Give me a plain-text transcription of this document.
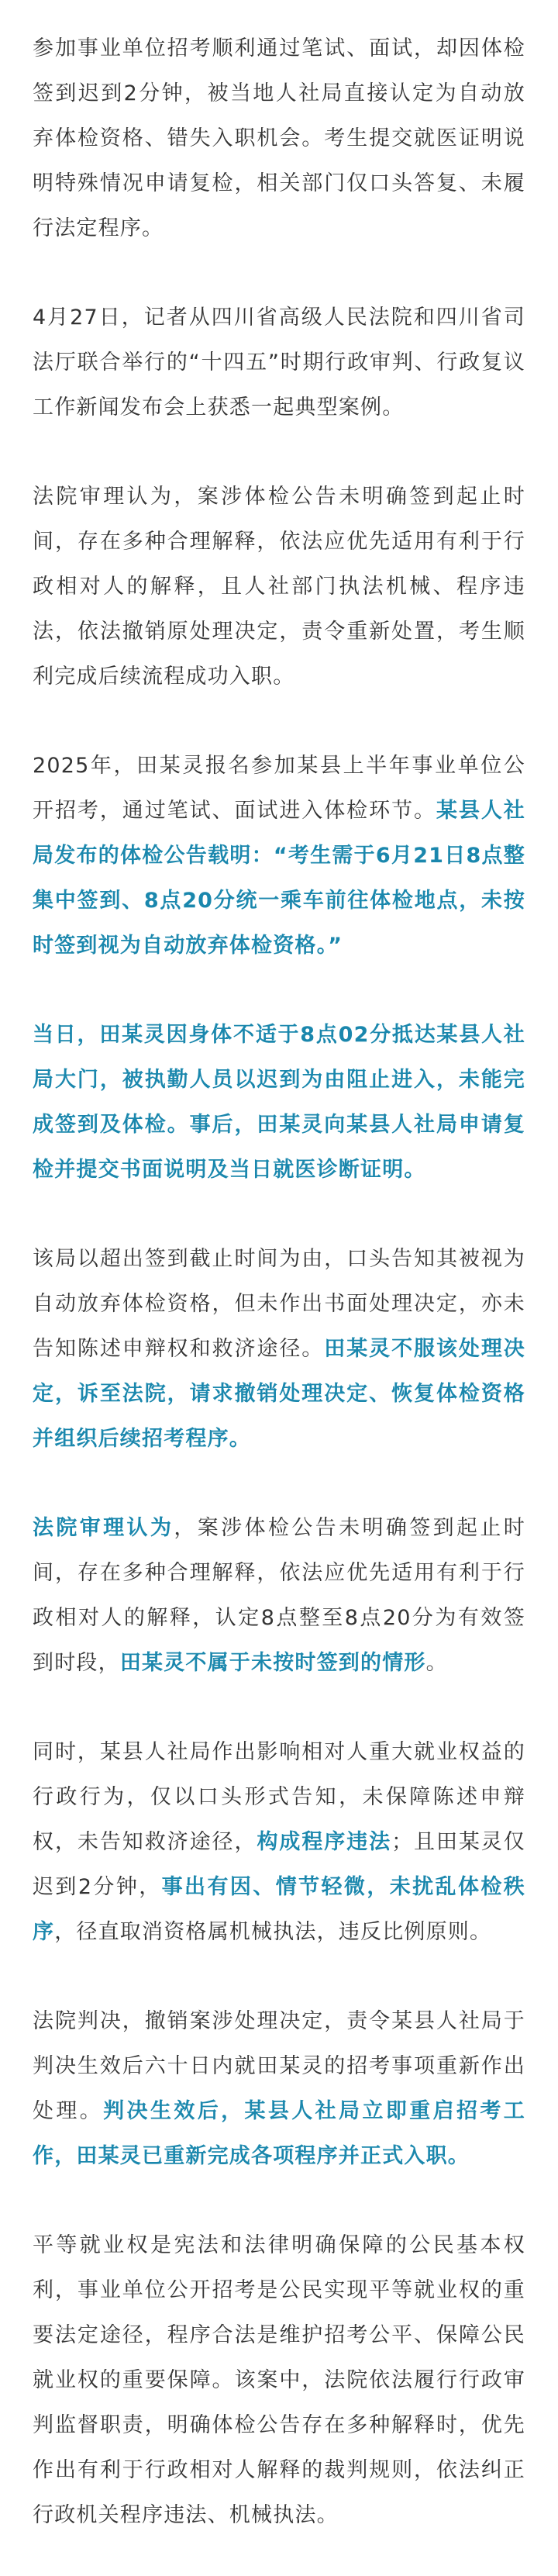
参加事业单位招考顺利通过笔试、面试，却因体检签到迟到2分钟，被当地人社局直接认定为自动放弃体检资格、错失入职机会。考生提交就医证明说明特殊情况申请复检，相关部门仅口头答复、未履行法定程序。

4月27日，记者从四川省高级人民法院和四川省司法厅联合举行的“十四五”时期行政审判、行政复议工作新闻发布会上获悉一起典型案例。

法院审理认为，案涉体检公告未明确签到起止时间，存在多种合理解释，依法应优先适用有利于行政相对人的解释，且人社部门执法机械、程序违法，依法撤销原处理决定，责令重新处置，考生顺利完成后续流程成功入职。

2025年，田某灵报名参加某县上半年事业单位公开招考，通过笔试、面试进入体检环节。某县人社局发布的体检公告载明：“考生需于6月21日8点整集中签到、8点20分统一乘车前往体检地点，未按时签到视为自动放弃体检资格。”

当日，田某灵因身体不适于8点02分抵达某县人社局大门，被执勤人员以迟到为由阻止进入，未能完成签到及体检。事后，田某灵向某县人社局申请复检并提交书面说明及当日就医诊断证明。

该局以超出签到截止时间为由，口头告知其被视为自动放弃体检资格，但未作出书面处理决定，亦未告知陈述申辩权和救济途径。田某灵不服该处理决定，诉至法院，请求撤销处理决定、恢复体检资格并组织后续招考程序。

法院审理认为，案涉体检公告未明确签到起止时间，存在多种合理解释，依法应优先适用有利于行政相对人的解释，认定8点整至8点20分为有效签到时段，田某灵不属于未按时签到的情形。

同时，某县人社局作出影响相对人重大就业权益的行政行为，仅以口头形式告知，未保障陈述申辩权，未告知救济途径，构成程序违法；且田某灵仅迟到2分钟，事出有因、情节轻微，未扰乱体检秩序，径直取消资格属机械执法，违反比例原则。

法院判决，撤销案涉处理决定，责令某县人社局于判决生效后六十日内就田某灵的招考事项重新作出处理。判决生效后，某县人社局立即重启招考工作，田某灵已重新完成各项程序并正式入职。

平等就业权是宪法和法律明确保障的公民基本权利，事业单位公开招考是公民实现平等就业权的重要法定途径，程序合法是维护招考公平、保障公民就业权的重要保障。该案中，法院依法履行行政审判监督职责，明确体检公告存在多种解释时，优先作出有利于行政相对人解释的裁判规则，依法纠正行政机关程序违法、机械执法。
